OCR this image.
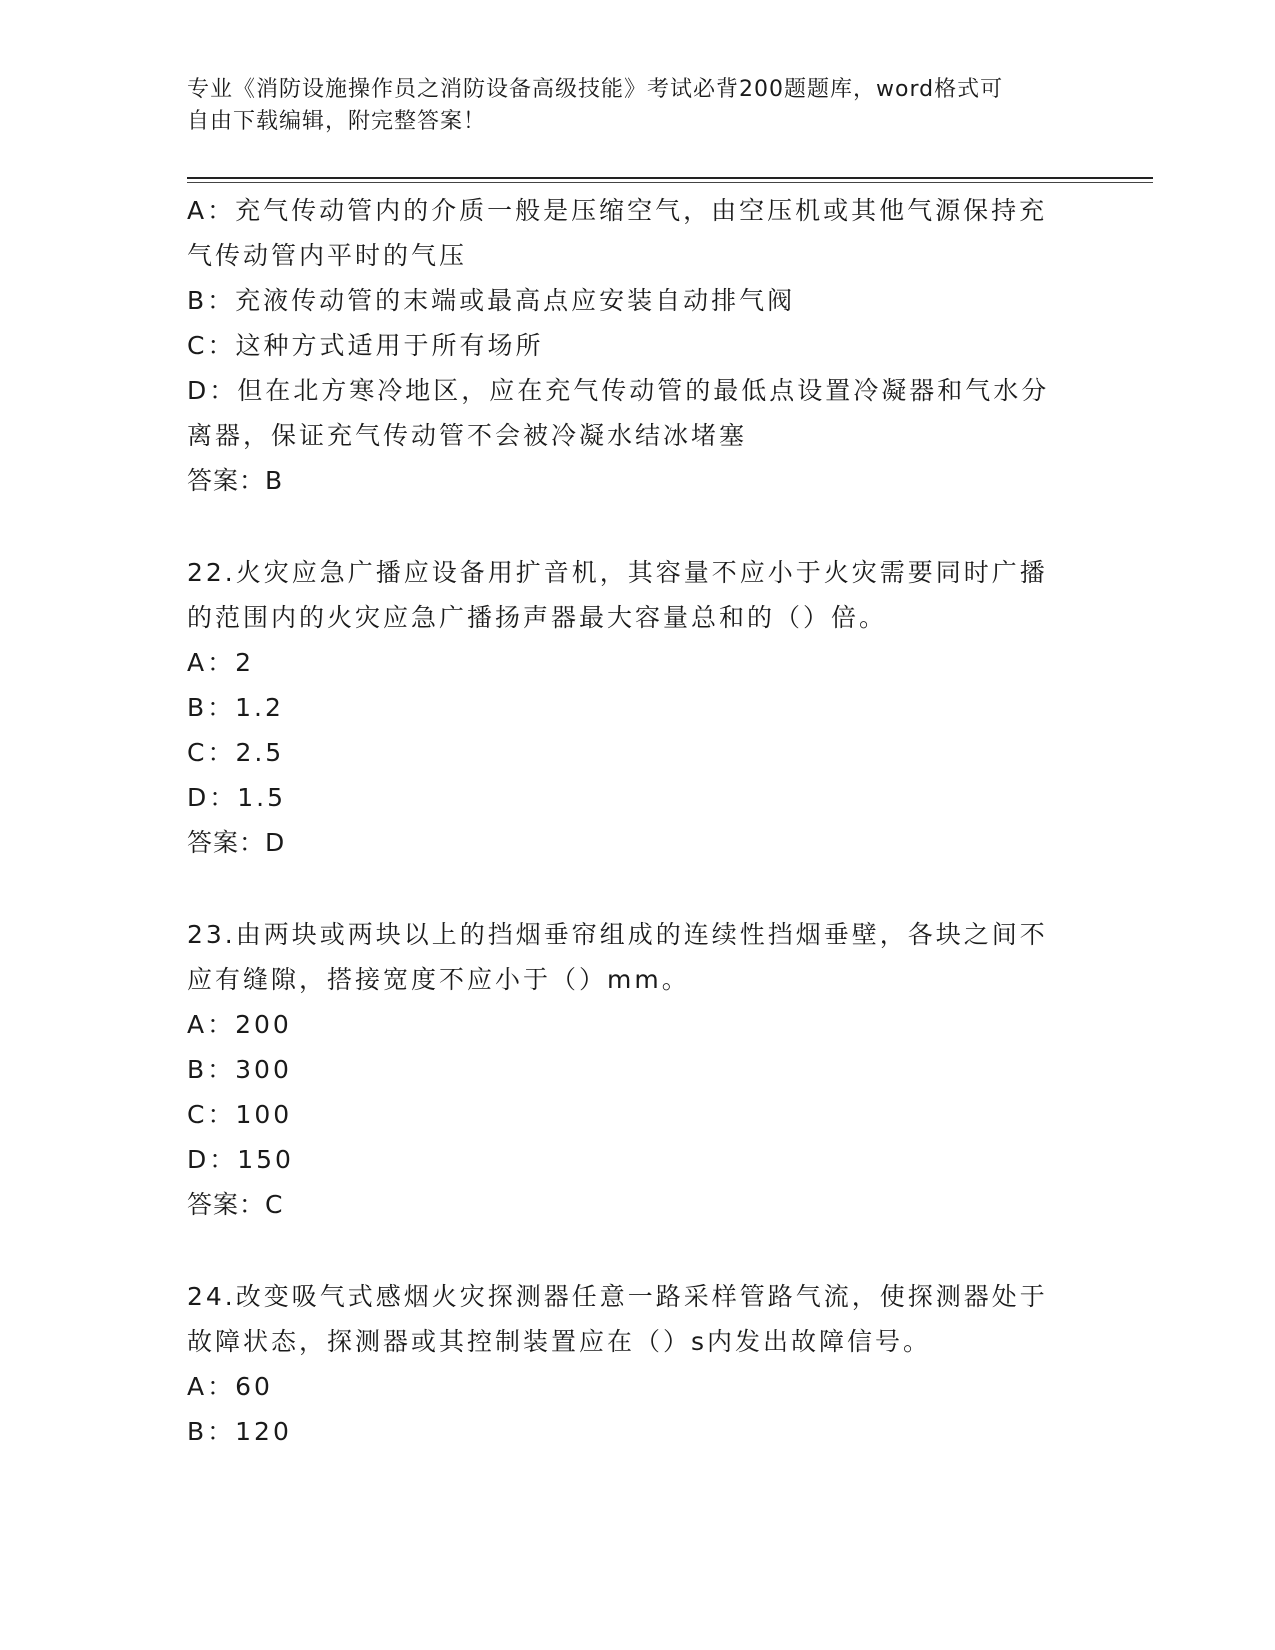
专业《消防设施操作员之消防设备高级技能》考试必背200题题库，word格式可
自由下载编辑，附完整答案！
A：充气传动管内的介质一般是压缩空气，由空压机或其他气源保持充
气传动管内平时的气压
B：充液传动管的末端或最高点应安装自动排气阀
C：这种方式适用于所有场所
D：但在北方寒冷地区，应在充气传动管的最低点设置冷凝器和气水分
离器，保证充气传动管不会被冷凝水结冰堵塞
答案：B
22.火灾应急广播应设备用扩音机，其容量不应小于火灾需要同时广播
的范围内的火灾应急广播扬声器最大容量总和的（）倍。
A：2
B：1.2
C：2.5
D：1.5
答案：D
23.由两块或两块以上的挡烟垂帘组成的连续性挡烟垂壁，各块之间不
应有缝隙，搭接宽度不应小于（）mm。
A：200
B：300
C：100
D：150
答案：C
24.改变吸气式感烟火灾探测器任意一路采样管路气流，使探测器处于
故障状态，探测器或其控制装置应在（）s内发出故障信号。
A：60
B：120
